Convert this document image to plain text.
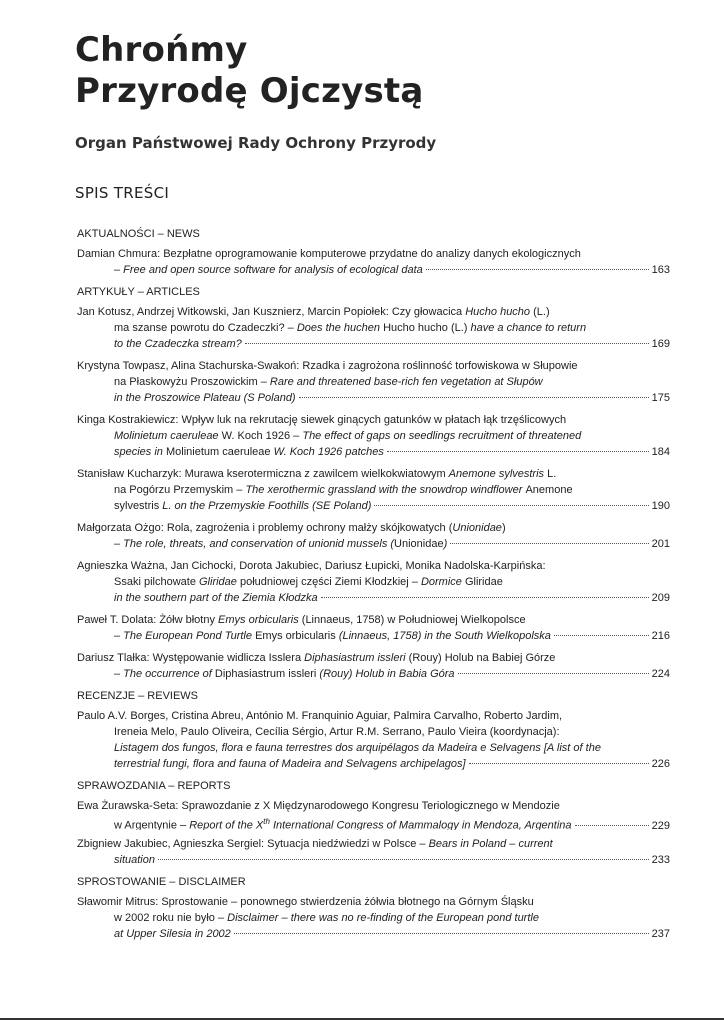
Chrońmy
Przyrodę Ojczystą
Organ Państwowej Rady Ochrony Przyrody
SPIS TREŚCI
AKTUALNOŚCI – NEWS
Damian Chmura: Bezpłatne oprogramowanie komputerowe przydatne do analizy danych ekologicznych
– Free and open source software for analysis of ecological data	163
ARTYKUŁY – ARTICLES
Jan Kotusz, Andrzej Witkowski, Jan Kusznierz, Marcin Popiołek: Czy głowacica Hucho hucho (L.)
ma szanse powrotu do Czadeczki? – Does the huchen Hucho hucho (L.) have a chance to return
to the Czadeczka stream?	169
Krystyna Towpasz, Alina Stachurska-Swakoń: Rzadka i zagrożona roślinność torfowiskowa w Słupowie
na Płaskowyżu Proszowickim – Rare and threatened base-rich fen vegetation at Słupów
in the Proszowice Plateau (S Poland)	175
Kinga Kostrakiewicz: Wpływ luk na rekrutację siewek ginących gatunków w płatach łąk trzęślicowych
Molinietum caeruleae W. Koch 1926 – The effect of gaps on seedlings recruitment of threatened
species in Molinietum caeruleae W. Koch 1926 patches	184
Stanisław Kucharzyk: Murawa kserotermiczna z zawilcem wielkokwiatowym Anemone sylvestris L.
na Pogórzu Przemyskim – The xerothermic grassland with the snowdrop windflower Anemone
sylvestris L. on the Przemyskie Foothills (SE Poland)	190
Małgorzata Ożgo: Rola, zagrożenia i problemy ochrony małży skójkowatych (Unionidae)
– The role, threats, and conservation of unionid mussels (Unionidae)	201
Agnieszka Ważna, Jan Cichocki, Dorota Jakubiec, Dariusz Łupicki, Monika Nadolska-Karpińska:
Ssaki pilchowate Gliridae południowej części Ziemi Kłodzkiej – Dormice Gliridae
in the southern part of the Ziemia Kłodzka	209
Paweł T. Dolata: Żółw błotny Emys orbicularis (Linnaeus, 1758) w Południowej Wielkopolsce
– The European Pond Turtle Emys orbicularis (Linnaeus, 1758) in the South Wielkopolska	216
Dariusz Tlałka: Występowanie widlicza Isslera Diphasiastrum issleri (Rouy) Holub na Babiej Górze
– The occurrence of Diphasiastrum issleri (Rouy) Holub in Babia Góra	224
RECENZJE – REVIEWS
Paulo A.V. Borges, Cristina Abreu, António M. Franquinio Aguiar, Palmira Carvalho, Roberto Jardim,
Ireneia Melo, Paulo Oliveira, Cecília Sérgio, Artur R.M. Serrano, Paulo Vieira (koordynacja):
Listagem dos fungos, flora e fauna terrestres dos arquipélagos da Madeira e Selvagens [A list of the
terrestrial fungi, flora and fauna of Madeira and Selvagens archipelagos]	226
SPRAWOZDANIA – REPORTS
Ewa Żurawska-Seta: Sprawozdanie z X Międzynarodowego Kongresu Teriologicznego w Mendozie
w Argentynie – Report of the Xth International Congress of Mammalogy in Mendoza, Argentina	229
Zbigniew Jakubiec, Agnieszka Sergiel: Sytuacja niedźwiedzi w Polsce – Bears in Poland – current
situation	233
SPROSTOWANIE – DISCLAIMER
Sławomir Mitrus: Sprostowanie – ponownego stwierdzenia żółwia błotnego na Górnym Śląsku
w 2002 roku nie było – Disclaimer – there was no re-finding of the European pond turtle
at Upper Silesia in 2002	237
